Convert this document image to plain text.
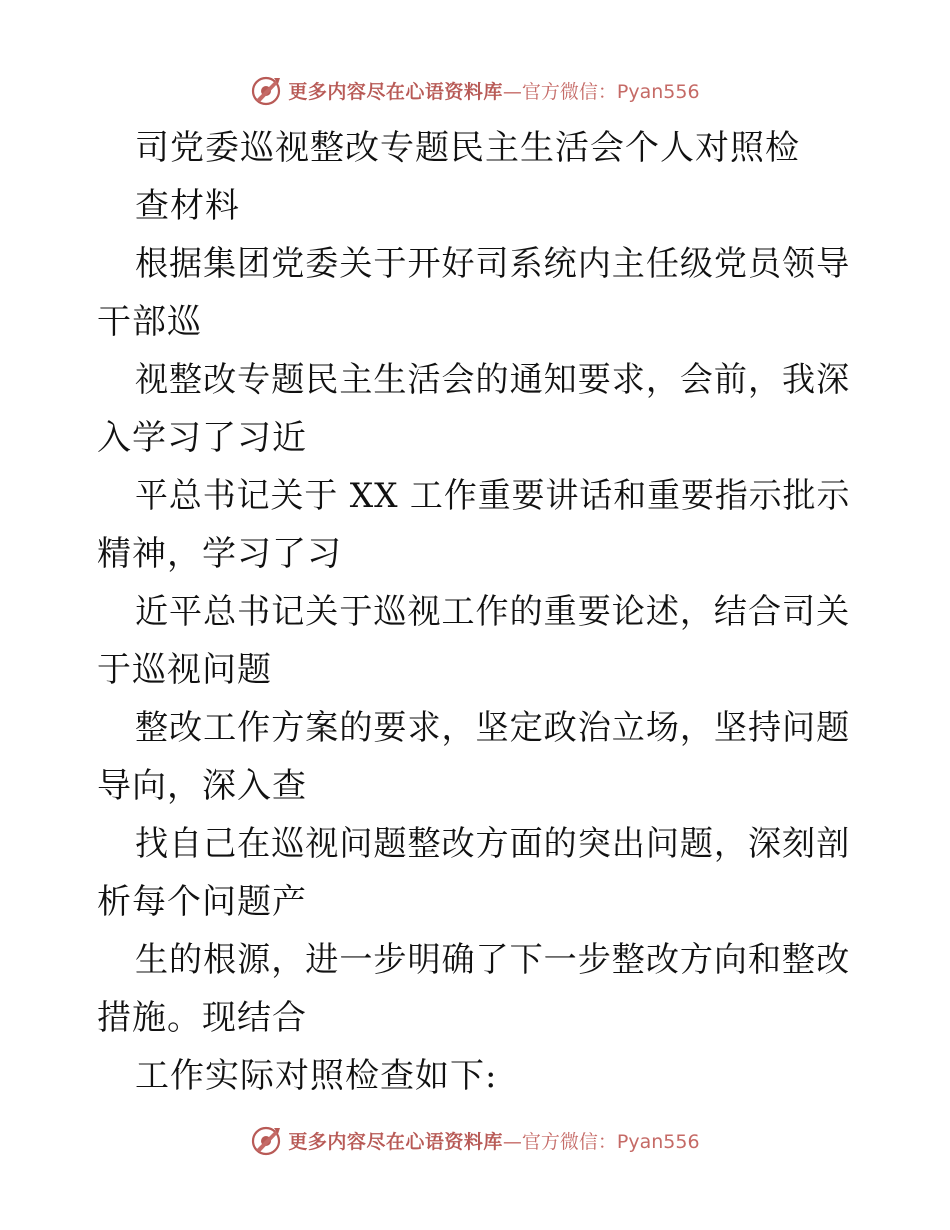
更多内容尽在心语资料库 —官方微信：Pyan556
司党委巡视整改专题民主生活会个人对照检
查材料
根据集团党委关于开好司系统内主任级党员领导
干部巡
视整改专题民主生活会的通知要求，会前，我深
入学习了习近
平总书记关于 XX 工作重要讲话和重要指示批示
精神，学习了习
近平总书记关于巡视工作的重要论述，结合司关
于巡视问题
整改工作方案的要求，坚定政治立场，坚持问题
导向，深入查
找自己在巡视问题整改方面的突出问题，深刻剖
析每个问题产
生的根源，进一步明确了下一步整改方向和整改
措施。现结合
工作实际对照检查如下:
更多内容尽在心语资料库 —官方微信：Pyan556
